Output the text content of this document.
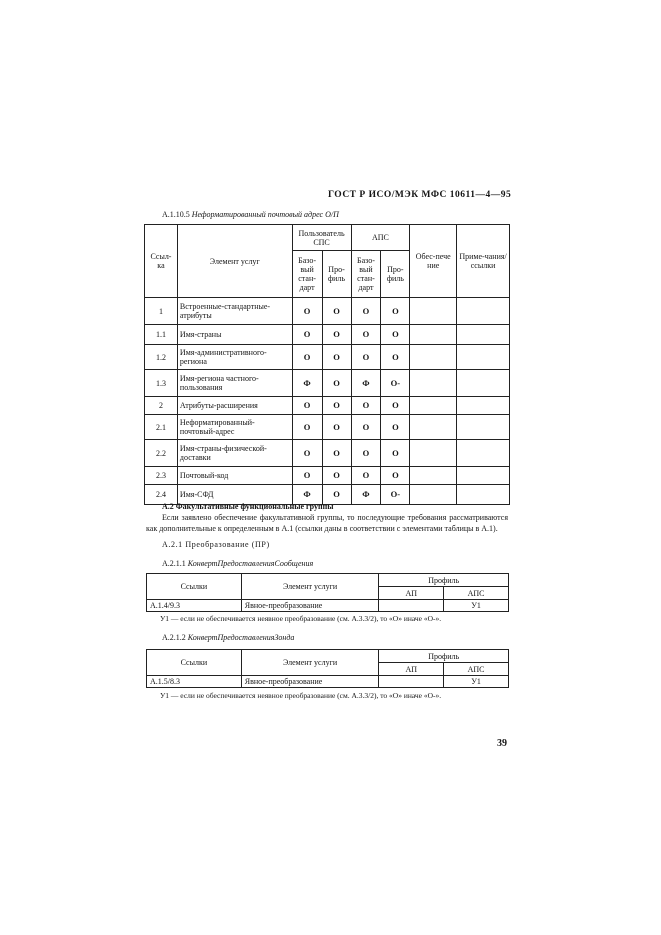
ГОСТ Р ИСО/МЭК МФС 10611—4—95
А.1.10.5 Неформатированный почтовый адрес О/П
Ссыл-ка	Элемент услуг	Пользователь СПС		АПС		Обес-пече ние	Приме-чания/ссылки
		Базо-вый стан-дарт	Про-филь	Базо-вый стан-дарт	Про-филь		
1	Встроенные-стандартные-атрибуты	О	О	О	О		
1.1	Имя-страны	О	О	О	О		
1.2	Имя-административного-региона	О	О	О	О		
1.3	Имя-региона частного-пользования	Ф	О	Ф	О-		
2	Атрибуты-расширения	О	О	О	О		
2.1	Неформатированный-почтовый-адрес	О	О	О	О		
2.2	Имя-страны-физической-доставки	О	О	О	О		
2.3	Почтовый-код	О	О	О	О		
2.4	Имя-СФД	Ф	О	Ф	О-		
А.2 Факультативные функциональные группы
Если заявлено обеспечение факультативной группы, то последующие требования рассматриваются как дополнительные к определенным в А.1 (ссылки даны в соответствии с элементами таблицы в А.1).
А.2.1 Преобразование (ПР)
А.2.1.1 КонвертПредоставленияСообщения
Ссылки	Элемент услуги	Профиль	
		АП	АПС
А.1.4/9.3	Явное-преобразование		У1
У1 — если не обеспечивается неявное преобразование (см. А.3.3/2), то «О» иначе «О-».
А.2.1.2 КонвертПредоставленияЗонда
Ссылки	Элемент услуги	Профиль	
		АП	АПС
А.1.5/8.3	Явное-преобразование		У1
У1 — если не обеспечивается неявное преобразование (см. А.3.3/2), то «О» иначе «О-».
39
